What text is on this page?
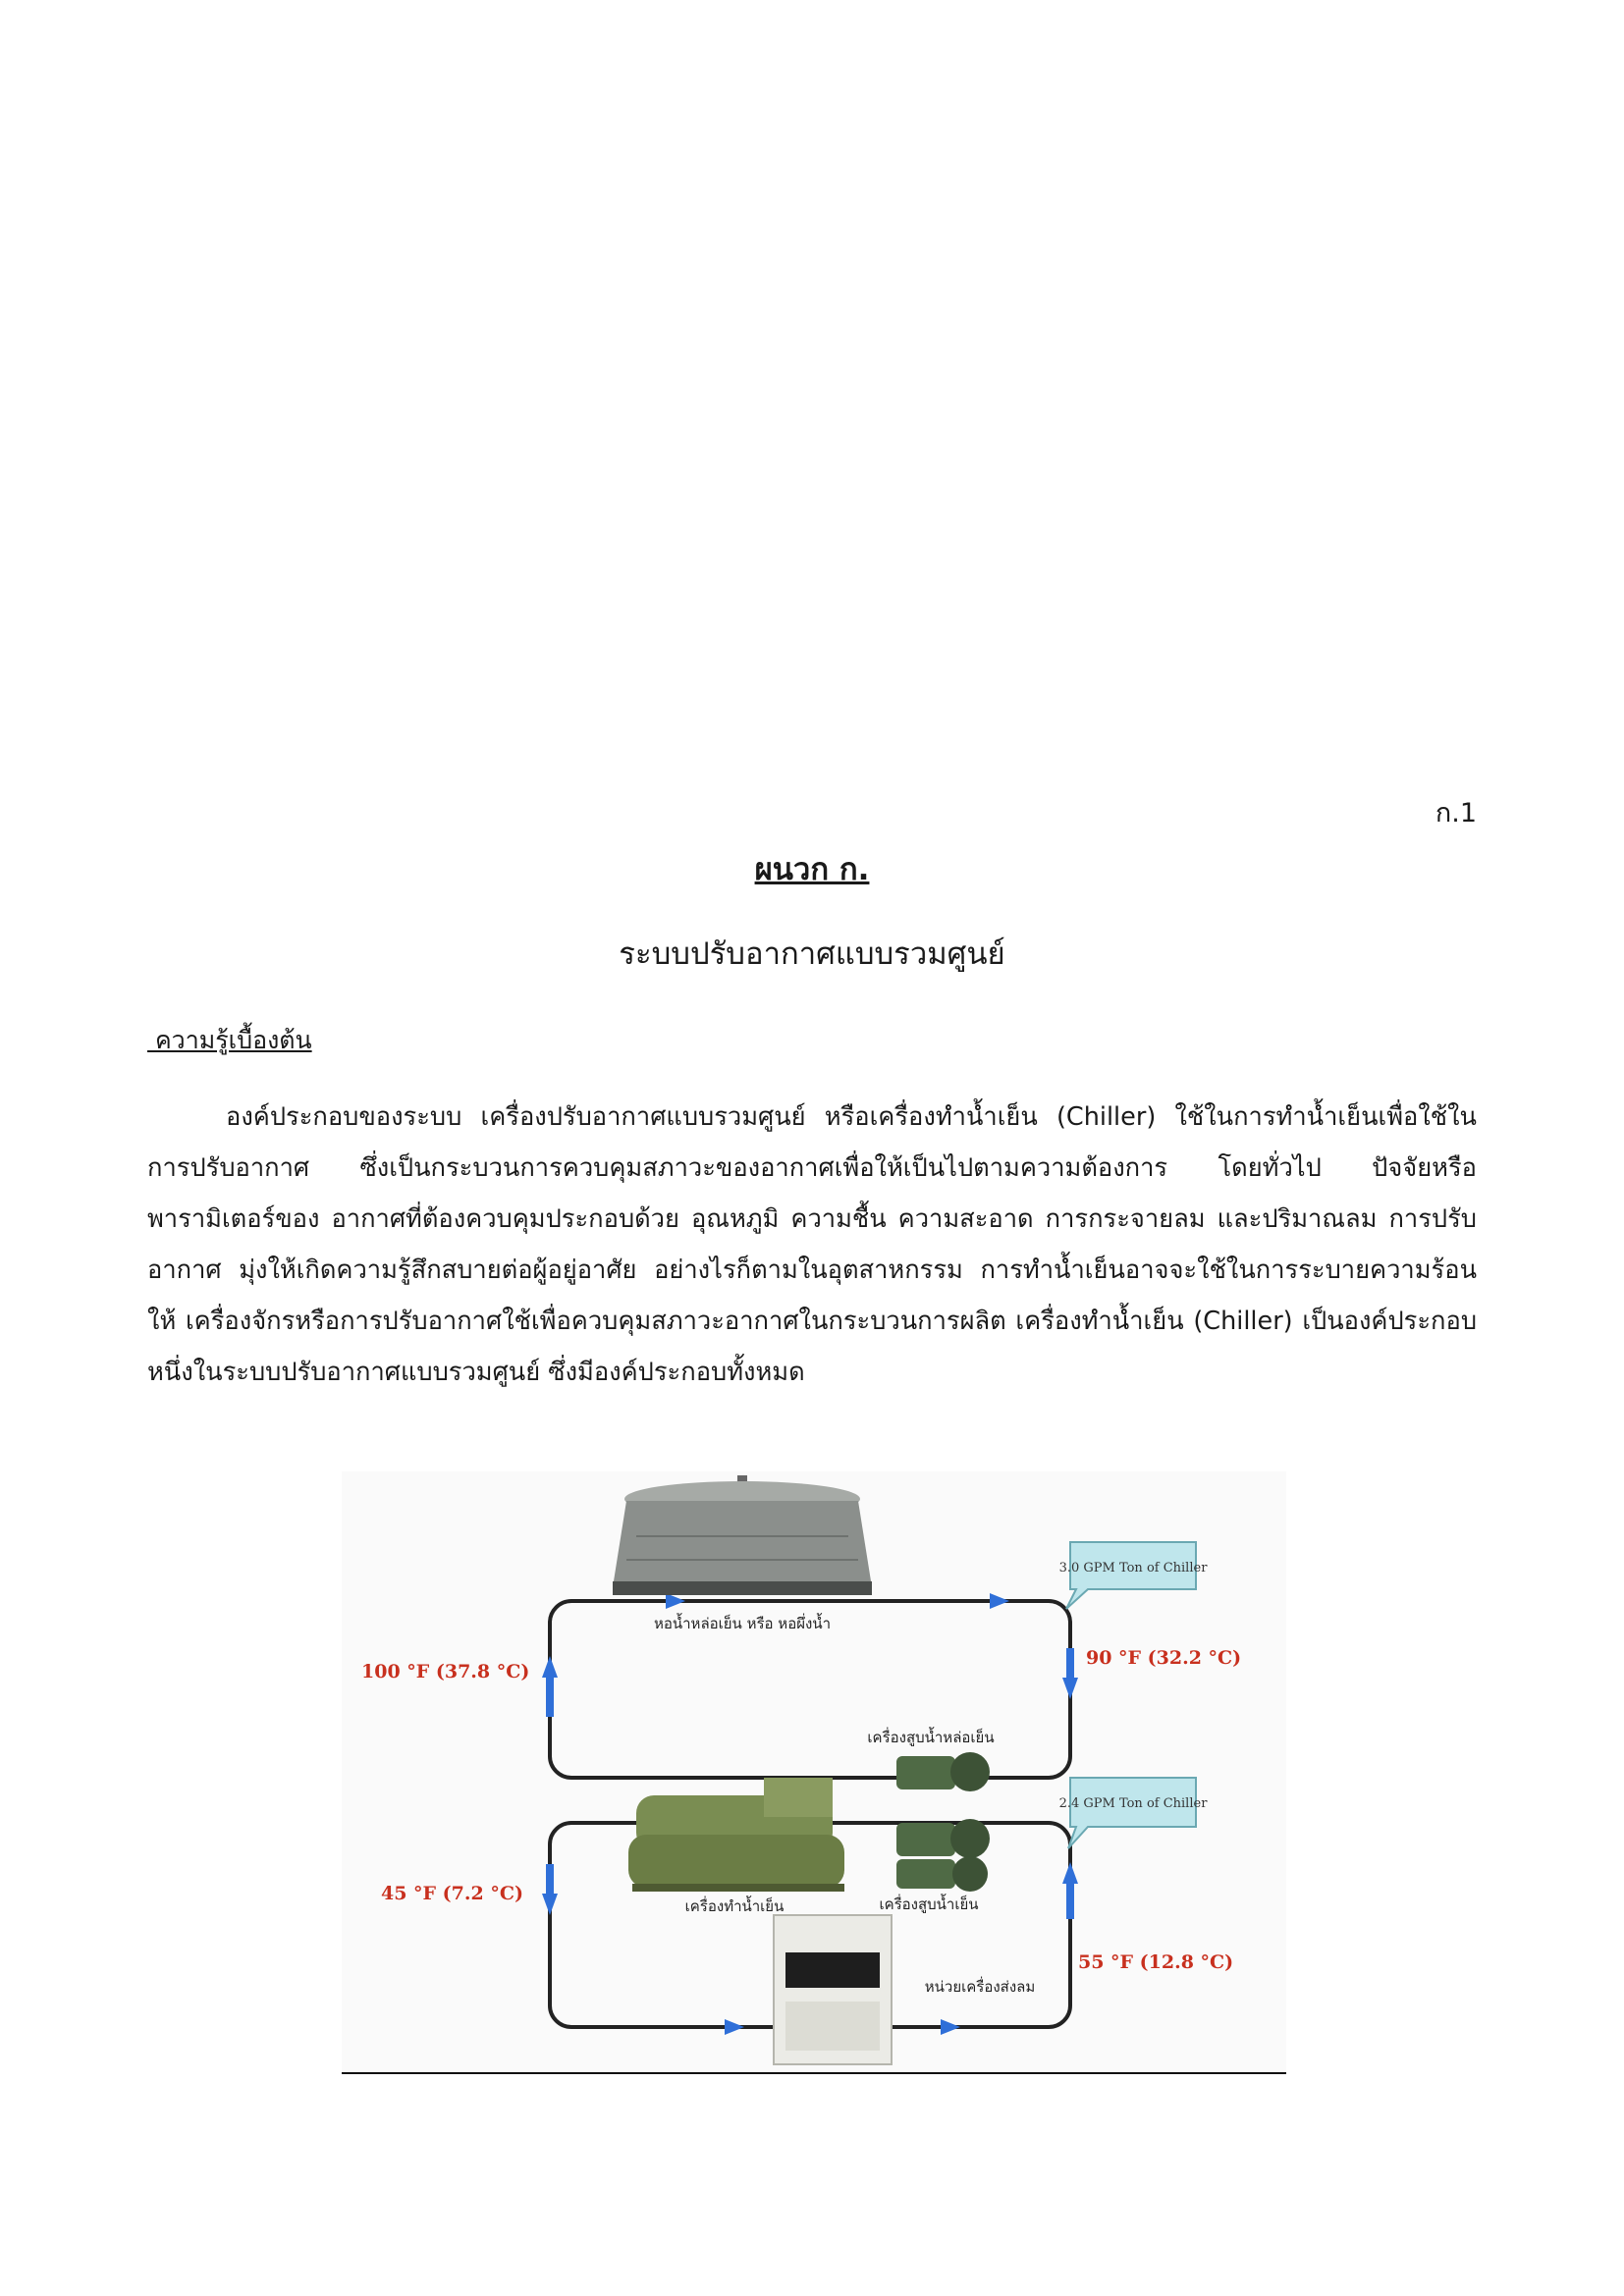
ก.1
ผนวก ก.
ระบบปรับอากาศแบบรวมศูนย์
ความรู้เบื้องต้น

องค์ประกอบของระบบ เครื่องปรับอากาศแบบรวมศูนย์ หรือเครื่องทำน้ำเย็น (Chiller) ใช้ในการทำน้ำเย็นเพื่อใช้ใน การปรับอากาศ ซึ่งเป็นกระบวนการควบคุมสภาวะของอากาศเพื่อให้เป็นไปตามความต้องการ โดยทั่วไป ปัจจัยหรือพารามิเตอร์ของ อากาศที่ต้องควบคุมประกอบด้วย อุณหภูมิ ความชื้น ความสะอาด การกระจายลม และปริมาณลม การปรับอากาศ มุ่งให้เกิดความรู้สึกสบายต่อผู้อยู่อาศัย อย่างไรก็ตามในอุตสาหกรรม การทำน้ำเย็นอาจจะใช้ในการระบายความร้อนให้ เครื่องจักรหรือการปรับอากาศใช้เพื่อควบคุมสภาวะอากาศในกระบวนการผลิต เครื่องทำน้ำเย็น (Chiller) เป็นองค์ประกอบหนึ่งในระบบปรับอากาศแบบรวมศูนย์ ซึ่งมีองค์ประกอบทั้งหมด

3.0 GPM Ton of Chiller
2.4 GPM Ton of Chiller
หอน้ำหล่อเย็น หรือ หอผึ่งน้ำ
เครื่องสูบน้ำหล่อเย็น
เครื่องทำน้ำเย็น	เครื่องสูบน้ำเย็น
หน่วยเครื่องส่งลม
100 °F (37.8 °C)
90 °F (32.2 °C)
45 °F (7.2 °C)
55 °F (12.8 °C)
